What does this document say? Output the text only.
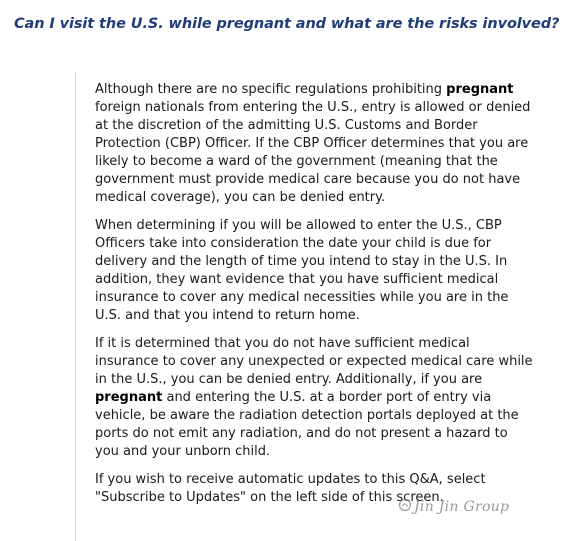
Can I visit the U.S. while pregnant and what are the risks involved?

Although there are no specific regulations prohibiting pregnant foreign nationals from entering the U.S., entry is allowed or denied at the discretion of the admitting U.S. Customs and Border Protection (CBP) Officer. If the CBP Officer determines that you are likely to become a ward of the government (meaning that the government must provide medical care because you do not have medical coverage), you can be denied entry.

When determining if you will be allowed to enter the U.S., CBP Officers take into consideration the date your child is due for delivery and the length of time you intend to stay in the U.S. In addition, they want evidence that you have sufficient medical insurance to cover any medical necessities while you are in the U.S. and that you intend to return home.

If it is determined that you do not have sufficient medical insurance to cover any unexpected or expected medical care while in the U.S., you can be denied entry. Additionally, if you are pregnant and entering the U.S. at a border port of entry via vehicle, be aware the radiation detection portals deployed at the ports do not emit any radiation, and do not present a hazard to you and your unborn child.

If you wish to receive automatic updates to this Q&A, select "Subscribe to Updates" on the left side of this screen.

Jin Jin Group
